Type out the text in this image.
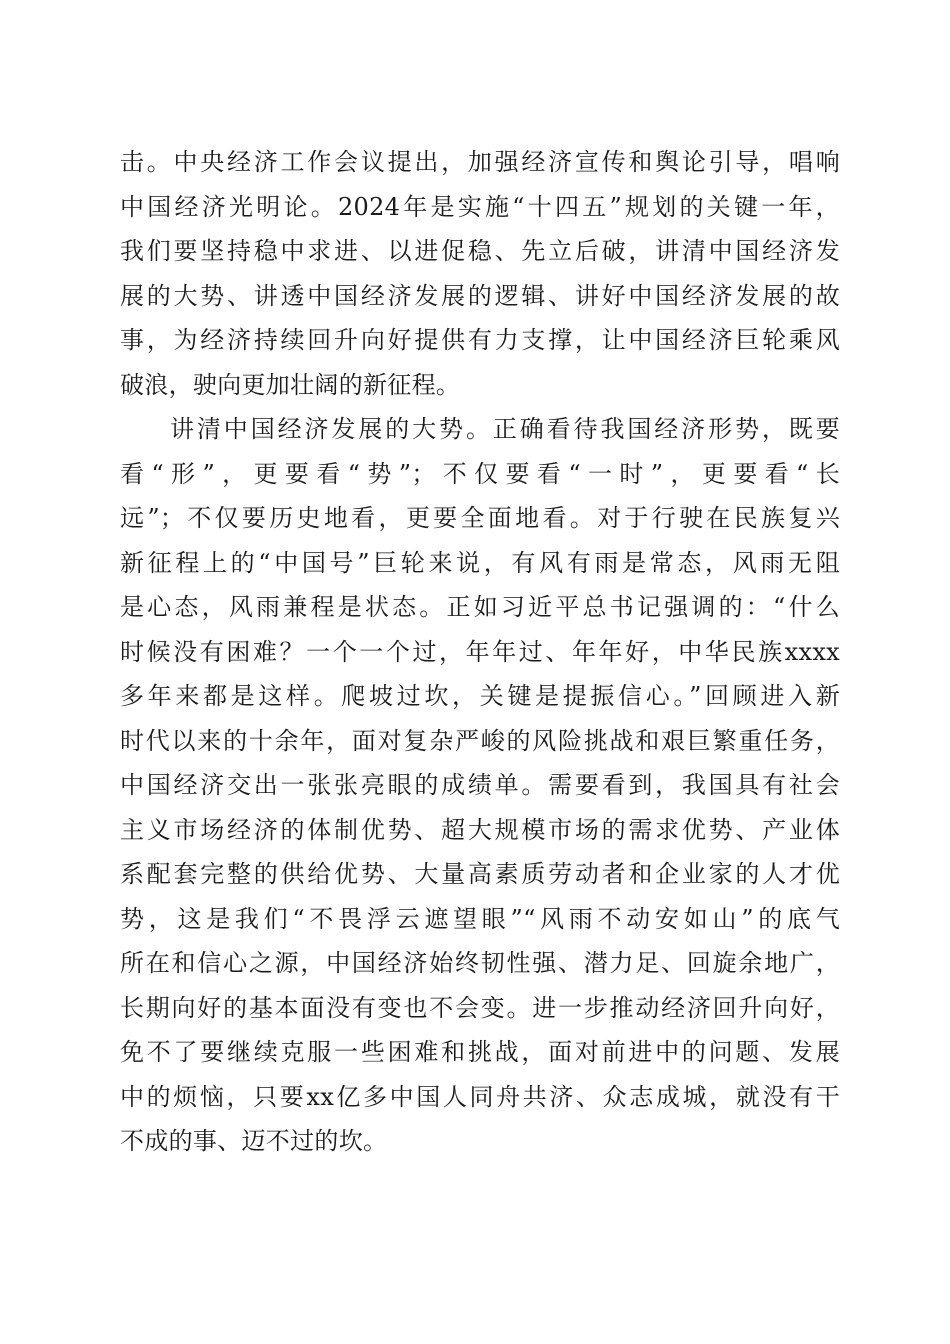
击。中央经济工作会议提出，加强经济宣传和舆论引导，唱响
中国经济光明论。2024年是实施“十四五”规划的关键一年，
我们要坚持稳中求进、以进促稳、先立后破，讲清中国经济发
展的大势、讲透中国经济发展的逻辑、讲好中国经济发展的故
事，为经济持续回升向好提供有力支撑，让中国经济巨轮乘风
破浪，驶向更加壮阔的新征程。
讲清中国经济发展的大势。正确看待我国经济形势，既要
看“形”，更要看“势”；不仅要看“一时”，更要看“长
远”；不仅要历史地看，更要全面地看。对于行驶在民族复兴
新征程上的“中国号”巨轮来说，有风有雨是常态，风雨无阻
是心态，风雨兼程是状态。正如习近平总书记强调的：“什么
时候没有困难？一个一个过，年年过、年年好，中华民族xxxx
多年来都是这样。爬坡过坎，关键是提振信心。”回顾进入新
时代以来的十余年，面对复杂严峻的风险挑战和艰巨繁重任务，
中国经济交出一张张亮眼的成绩单。需要看到，我国具有社会
主义市场经济的体制优势、超大规模市场的需求优势、产业体
系配套完整的供给优势、大量高素质劳动者和企业家的人才优
势，这是我们“不畏浮云遮望眼”“风雨不动安如山”的底气
所在和信心之源，中国经济始终韧性强、潜力足、回旋余地广，
长期向好的基本面没有变也不会变。进一步推动经济回升向好，
免不了要继续克服一些困难和挑战，面对前进中的问题、发展
中的烦恼，只要xx亿多中国人同舟共济、众志成城，就没有干
不成的事、迈不过的坎。
